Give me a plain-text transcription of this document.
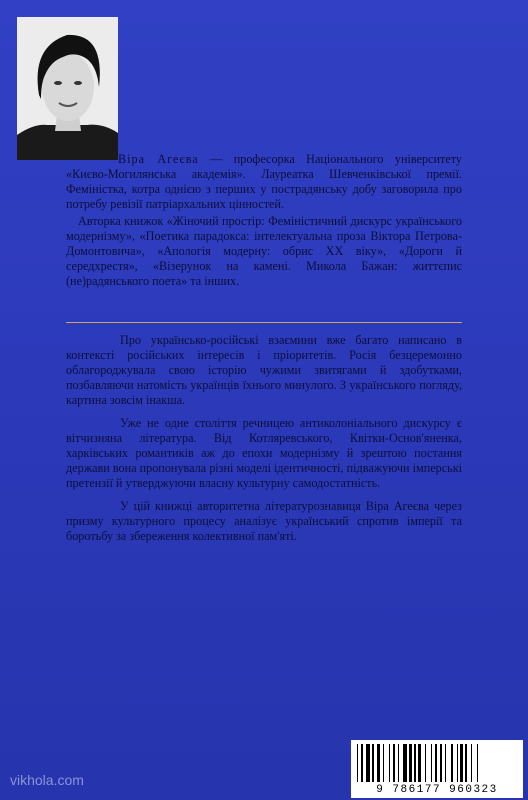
Віра Агеєва — професорка Національного університету «Києво-Могилянська академія». Лауреатка Шевченківської премії. Феміністка, котра однією з перших у пострадянську добу заговорила про потребу ревізії патріархальних цінностей.

Авторка книжок «Жіночий простір: Феміністичний дискурс українського модернізму», «Поетика парадокса: інтелектуальна проза Віктора Петрова-Домонтовича», «Апологія модерну: обрис ХХ віку», «Дороги й середхрестя», «Візерунок на камені. Микола Бажан: життєпис (не)радянського поета» та інших.

Про українсько-російські взаємини вже багато написано в контексті російських інтересів і пріоритетів. Росія безцеремонно облагороджувала свою історію чужими звитягами й здобутками, позбавляючи натомість українців їхнього минулого. З українського погляду, картина зовсім інакша.

Уже не одне століття речницею антиколоніального дискурсу є вітчизняна література. Від Котляревського, Квітки-Основ'яненка, харківських романтиків аж до епохи модернізму й зрештою постання держави вона пропонувала різні моделі ідентичності, підважуючи імперські претензії й утверджуючи власну культурну самодостатність.

У цій книжці авторитетна літературознавиця Віра Агеєва через призму культурного процесу аналізує український спротив імперії та боротьбу за збереження колективної пам'яті.

vikhola.com
9 786177 960323
